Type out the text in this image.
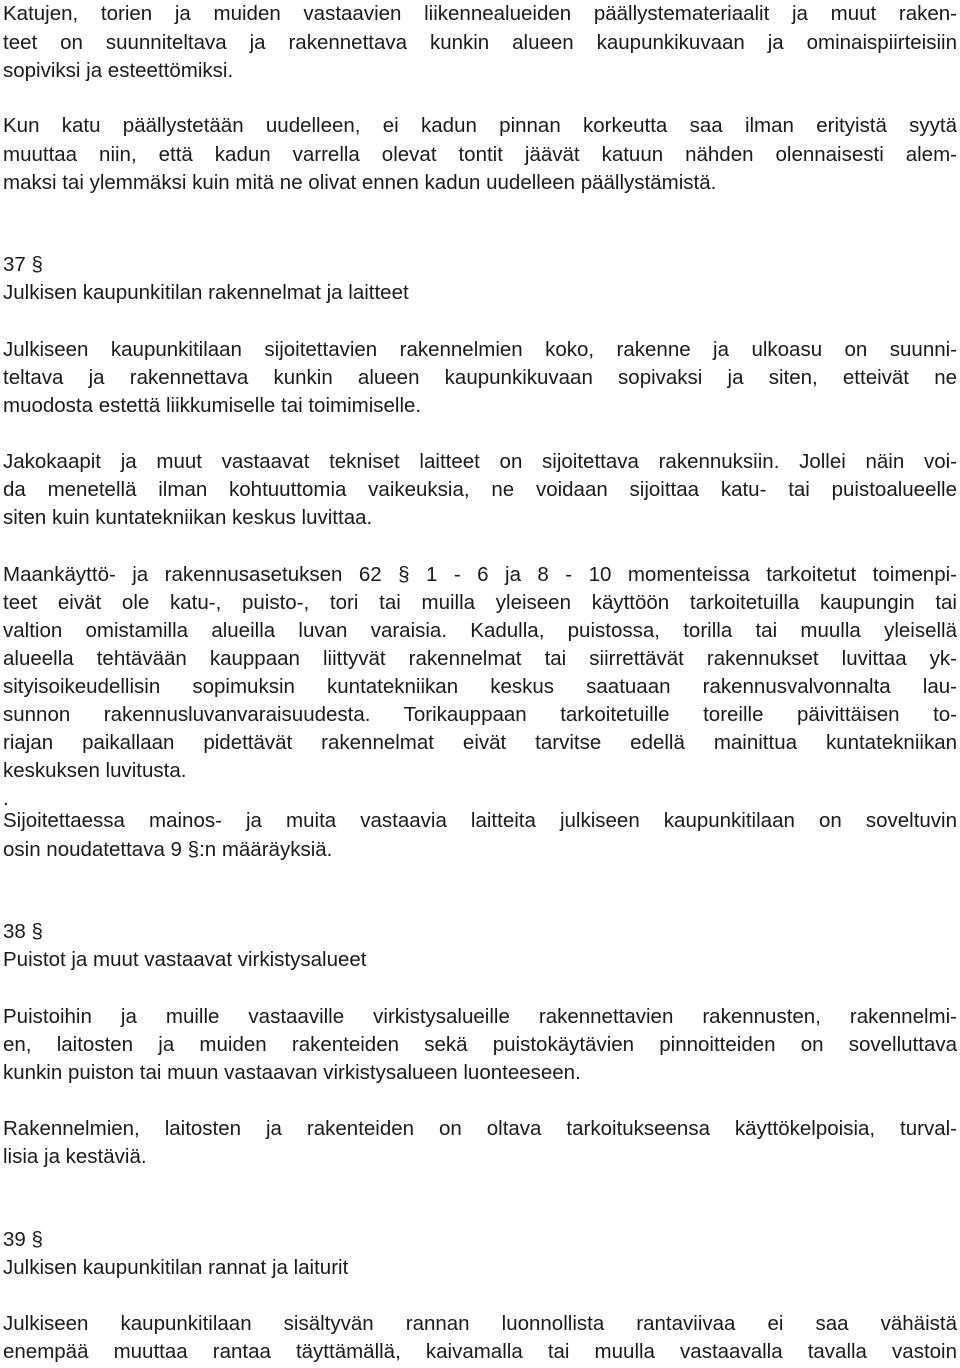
Katujen, torien ja muiden vastaavien liikennealueiden päällystemateriaalit ja muut raken-
teet on suunniteltava ja rakennettava kunkin alueen kaupunkikuvaan ja ominaispiirteisiin
sopiviksi ja esteettömiksi.
Kun katu päällystetään uudelleen, ei kadun pinnan korkeutta saa ilman erityistä syytä
muuttaa niin, että kadun varrella olevat tontit jäävät katuun nähden olennaisesti alem-
maksi tai ylemmäksi kuin mitä ne olivat ennen kadun uudelleen päällystämistä.
37 §
Julkisen kaupunkitilan rakennelmat ja laitteet
Julkiseen kaupunkitilaan sijoitettavien rakennelmien koko, rakenne ja ulkoasu on suunni-
teltava ja rakennettava kunkin alueen kaupunkikuvaan sopivaksi ja siten, etteivät ne
muodosta estettä liikkumiselle tai toimimiselle.
Jakokaapit ja muut vastaavat tekniset laitteet on sijoitettava rakennuksiin. Jollei näin voi-
da menetellä ilman kohtuuttomia vaikeuksia, ne voidaan sijoittaa katu- tai puistoalueelle
siten kuin kuntatekniikan keskus luvittaa.
Maankäyttö- ja rakennusasetuksen 62 § 1 - 6 ja 8 - 10 momenteissa tarkoitetut toimenpi-
teet eivät ole katu-, puisto-, tori tai muilla yleiseen käyttöön tarkoitetuilla kaupungin tai
valtion omistamilla alueilla luvan varaisia. Kadulla, puistossa, torilla tai muulla yleisellä
alueella tehtävään kauppaan liittyvät rakennelmat tai siirrettävät rakennukset luvittaa yk-
sityisoikeudellisin sopimuksin kuntatekniikan keskus saatuaan rakennusvalvonnalta lau-
sunnon rakennusluvanvaraisuudesta. Torikauppaan tarkoitetuille toreille päivittäisen to-
riajan paikallaan pidettävät rakennelmat eivät tarvitse edellä mainittua kuntatekniikan
keskuksen luvitusta.
.
Sijoitettaessa mainos- ja muita vastaavia laitteita julkiseen kaupunkitilaan on soveltuvin
osin noudatettava 9 §:n määräyksiä.
38 §
Puistot ja muut vastaavat virkistysalueet
Puistoihin ja muille vastaaville virkistysalueille rakennettavien rakennusten, rakennelmi-
en, laitosten ja muiden rakenteiden sekä puistokäytävien pinnoitteiden on sovelluttava
kunkin puiston tai muun vastaavan virkistysalueen luonteeseen.
Rakennelmien, laitosten ja rakenteiden on oltava tarkoitukseensa käyttökelpoisia, turval-
lisia ja kestäviä.
39 §
Julkisen kaupunkitilan rannat ja laiturit
Julkiseen kaupunkitilaan sisältyvän rannan luonnollista rantaviivaa ei saa vähäistä
enempää muuttaa rantaa täyttämällä, kaivamalla tai muulla vastaavalla tavalla vastoin
